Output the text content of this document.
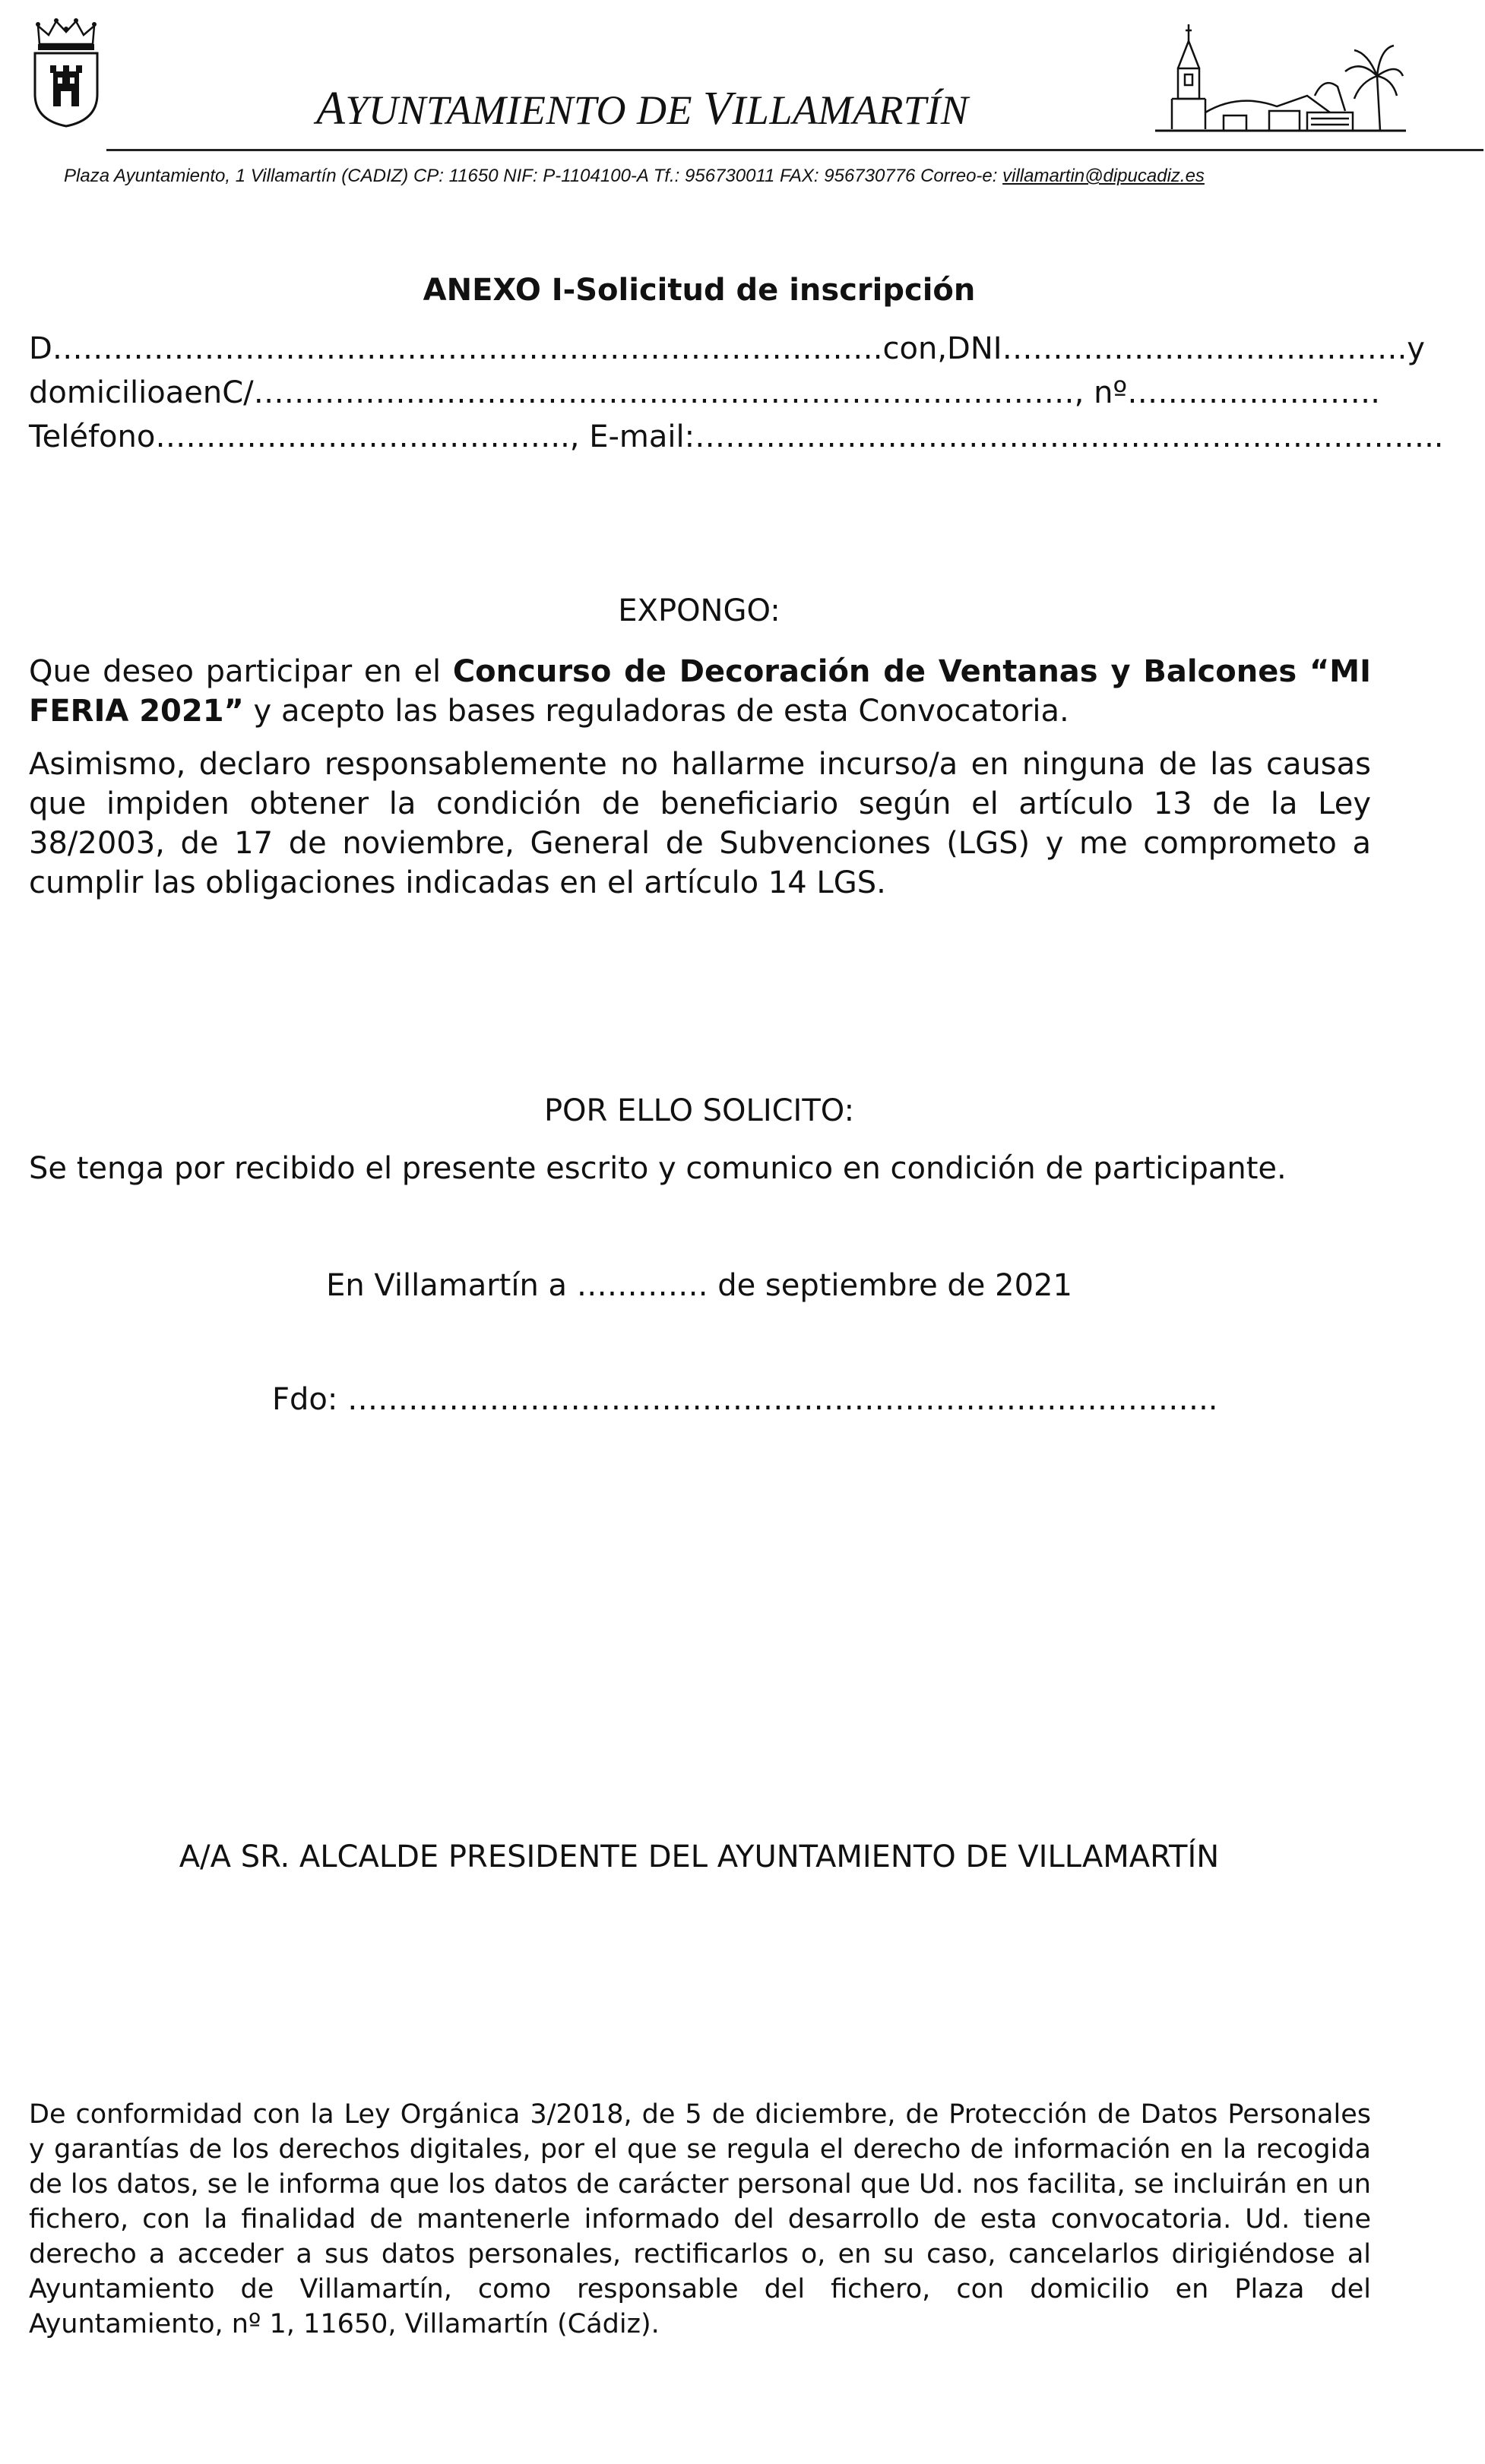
AYUNTAMIENTO DE VILLAMARTÍN
Plaza Ayuntamiento, 1 Villamartín (CADIZ) CP: 11650 NIF: P-1104100-A Tf.: 956730011 FAX: 956730776 Correo-e: villamartin@dipucadiz.es
ANEXO I-Solicitud de inscripción
D……………………………………………………………………….con, DNI………………………………….y
domicilio a en C/………………………………………………………………………, nº …………………….
Teléfono………………………………….., E-mail: ………………………………………………………………..
EXPONGO:
Que deseo participar en el Concurso de Decoración de Ventanas y Balcones “MI FERIA 2021” y acepto las bases reguladoras de esta Convocatoria.
Asimismo, declaro responsablemente no hallarme incurso/a en ninguna de las causas que impiden obtener la condición de beneficiario según el artículo 13 de la Ley 38/2003, de 17 de noviembre, General de Subvenciones (LGS) y me comprometo a cumplir las obligaciones indicadas en el artículo 14 LGS.
POR ELLO SOLICITO:
Se tenga por recibido el presente escrito y comunico en condición de participante.
En Villamartín a …………. de septiembre de 2021
Fdo: …………………………………………………………………………..
A/A SR. ALCALDE PRESIDENTE DEL AYUNTAMIENTO DE VILLAMARTÍN
De conformidad con la Ley Orgánica 3/2018, de 5 de diciembre, de Protección de Datos Personales y garantías de los derechos digitales, por el que se regula el derecho de información en la recogida de los datos, se le informa que los datos de carácter personal que Ud. nos facilita, se incluirán en un fichero, con la finalidad de mantenerle informado del desarrollo de esta convocatoria. Ud. tiene derecho a acceder a sus datos personales, rectificarlos o, en su caso, cancelarlos dirigiéndose al Ayuntamiento de Villamartín, como responsable del fichero, con domicilio en Plaza del Ayuntamiento, nº 1, 11650, Villamartín (Cádiz).
